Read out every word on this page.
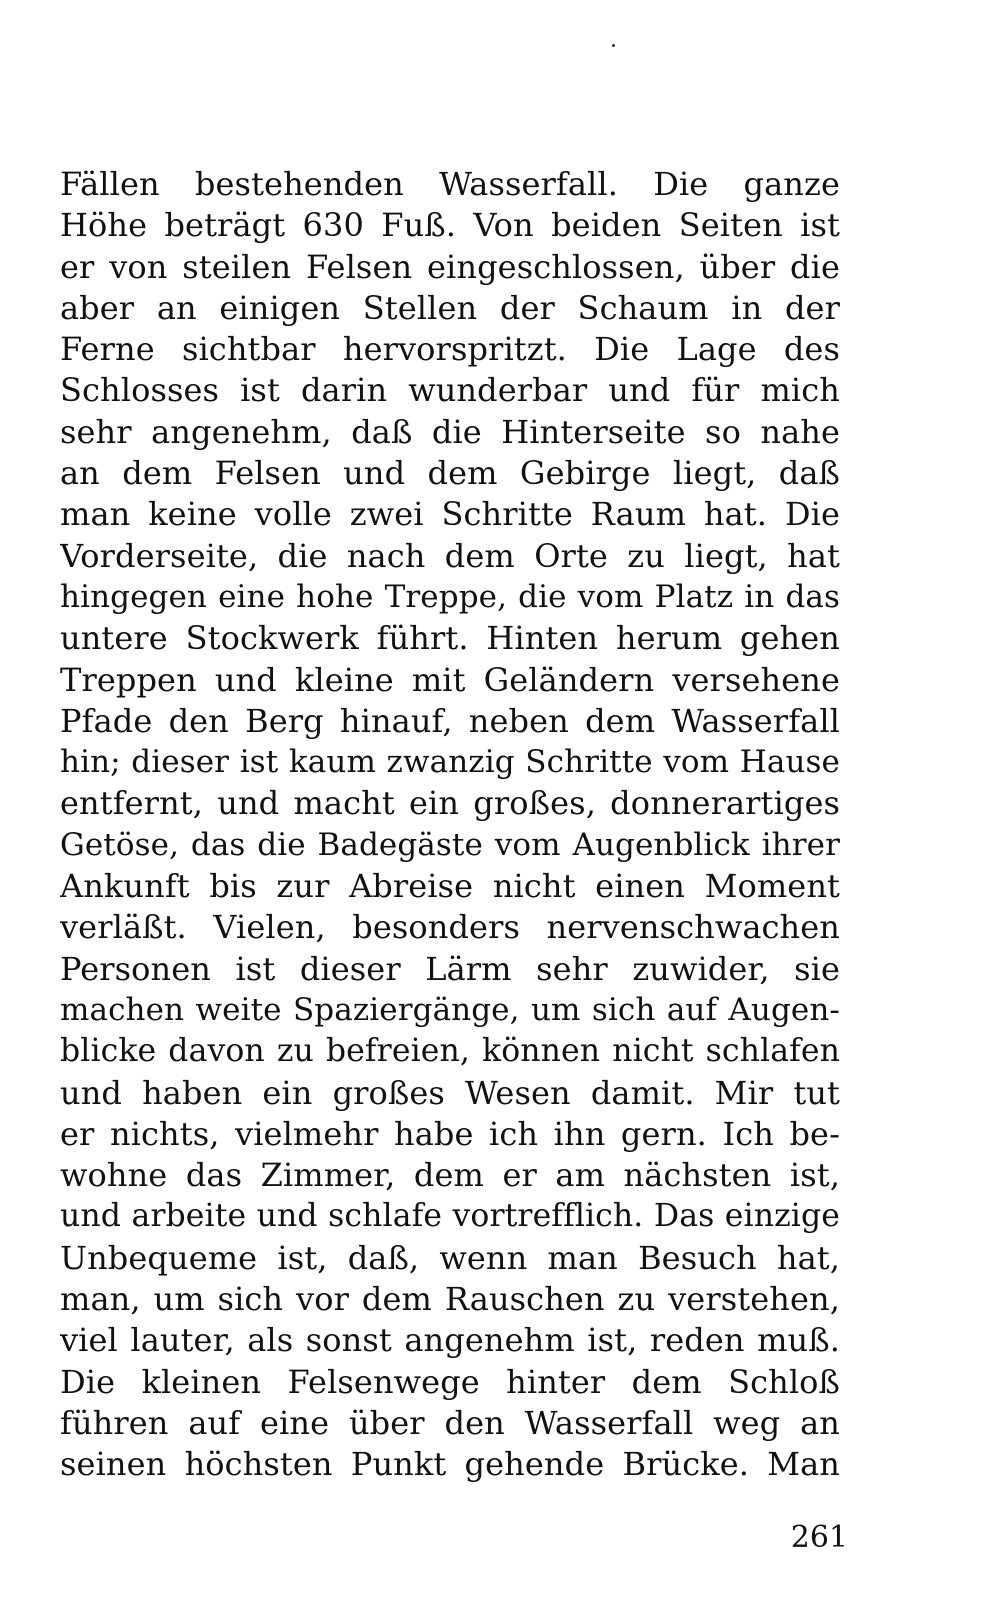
Fällen bestehenden Wasserfall. Die ganze
Höhe beträgt 630 Fuß. Von beiden Seiten ist
er von steilen Felsen eingeschlossen, über die
aber an einigen Stellen der Schaum in der
Ferne sichtbar hervorspritzt. Die Lage des
Schlosses ist darin wunderbar und für mich
sehr angenehm, daß die Hinterseite so nahe
an dem Felsen und dem Gebirge liegt, daß
man keine volle zwei Schritte Raum hat. Die
Vorderseite, die nach dem Orte zu liegt, hat
hingegen eine hohe Treppe, die vom Platz in das
untere Stockwerk führt. Hinten herum gehen
Treppen und kleine mit Geländern versehene
Pfade den Berg hinauf, neben dem Wasserfall
hin; dieser ist kaum zwanzig Schritte vom Hause
entfernt, und macht ein großes, donnerartiges
Getöse, das die Badegäste vom Augenblick ihrer
Ankunft bis zur Abreise nicht einen Moment
verläßt. Vielen, besonders nervenschwachen
Personen ist dieser Lärm sehr zuwider, sie
machen weite Spaziergänge, um sich auf Augen-
blicke davon zu befreien, können nicht schlafen
und haben ein großes Wesen damit. Mir tut
er nichts, vielmehr habe ich ihn gern. Ich be-
wohne das Zimmer, dem er am nächsten ist,
und arbeite und schlafe vortrefflich. Das einzige
Unbequeme ist, daß, wenn man Besuch hat,
man, um sich vor dem Rauschen zu verstehen,
viel lauter, als sonst angenehm ist, reden muß.
Die kleinen Felsenwege hinter dem Schloß
führen auf eine über den Wasserfall weg an
seinen höchsten Punkt gehende Brücke. Man
261
